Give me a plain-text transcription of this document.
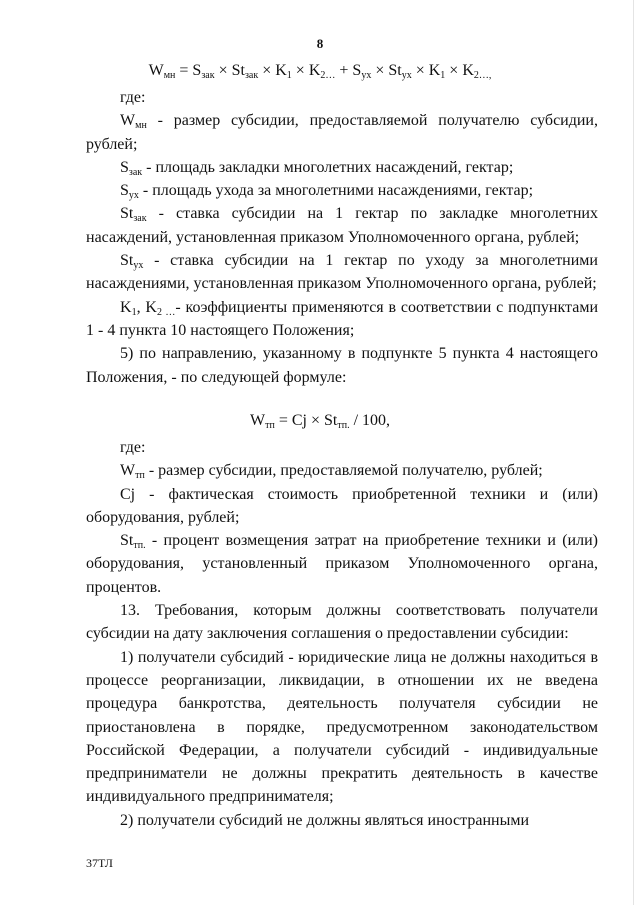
8
$W_{мн} = S_{зак} \times St_{зак} \times K_1 \times K_{2\dots} + S_{ух} \times St_{ух} \times K_1 \times K_{2\dots,}$

где:

$W_{мн}$ - размер субсидии, предоставляемой получателю субсидии, рублей;

$S_{зак}$ - площадь закладки многолетних насаждений, гектар;

$S_{ух}$ - площадь ухода за многолетними насаждениями, гектар;

$St_{зак}$ - ставка субсидии на 1 гектар по закладке многолетних насаждений, установленная приказом Уполномоченного органа, рублей;

$St_{ух}$ - ставка субсидии на 1 гектар по уходу за многолетними насаждениями, установленная приказом Уполномоченного органа, рублей;

$K_1$, $K_{2 \dots}-$ коэффициенты применяются в соответствии с подпунктами 1 - 4 пункта 10 настоящего Положения;

5) по направлению, указанному в подпункте 5 пункта 4 настоящего Положения, - по следующей формуле:

$W_{тп} = Cj \times St_{тп.} / 100$,

где:

$W_{тп}$ - размер субсидии, предоставляемой получателю, рублей;

Cj - фактическая стоимость приобретенной техники и (или) оборудования, рублей;

$St_{тп.}$ - процент возмещения затрат на приобретение техники и (или) оборудования, установленный приказом Уполномоченного органа, процентов.

13. Требования, которым должны соответствовать получатели субсидии на дату заключения соглашения о предоставлении субсидии:

1) получатели субсидий - юридические лица не должны находиться в процессе реорганизации, ликвидации, в отношении их не введена процедура банкротства, деятельность получателя субсидии не приостановлена в порядке, предусмотренном законодательством Российской Федерации, а получатели субсидий - индивидуальные предприниматели не должны прекратить деятельность в качестве индивидуального предпринимателя;

2) получатели субсидий не должны являться иностранными

37ТЛ
